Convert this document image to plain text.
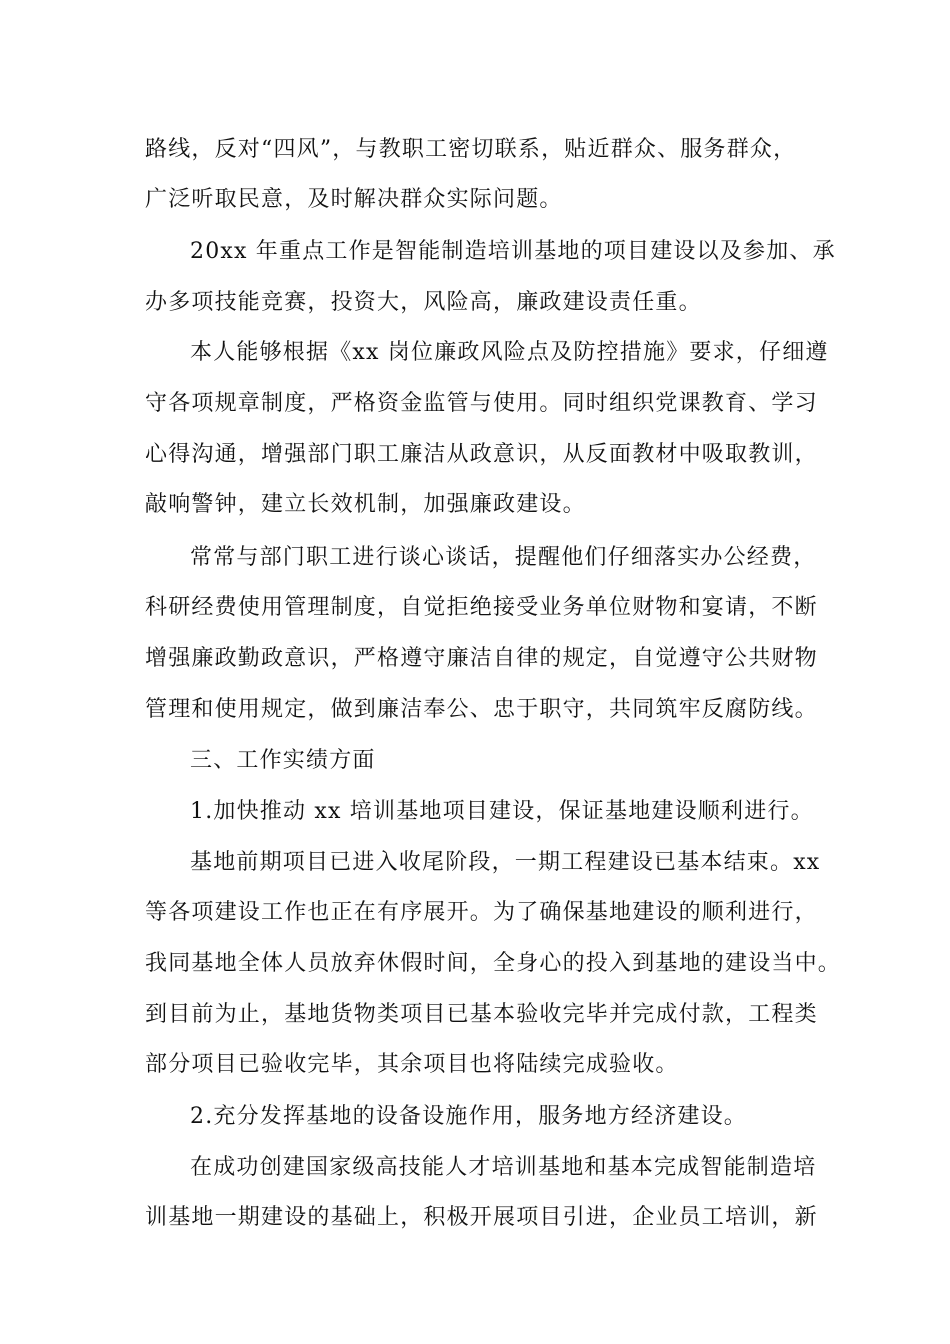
路线，反对“四风”，与教职工密切联系，贴近群众、服务群众，
广泛听取民意，及时解决群众实际问题。
20xx 年重点工作是智能制造培训基地的项目建设以及参加、承
办多项技能竞赛，投资大，风险高，廉政建设责任重。
本人能够根据《xx 岗位廉政风险点及防控措施》要求，仔细遵
守各项规章制度，严格资金监管与使用。同时组织党课教育、学习
心得沟通，增强部门职工廉洁从政意识，从反面教材中吸取教训，
敲响警钟，建立长效机制，加强廉政建设。
常常与部门职工进行谈心谈话，提醒他们仔细落实办公经费，
科研经费使用管理制度，自觉拒绝接受业务单位财物和宴请，不断
增强廉政勤政意识，严格遵守廉洁自律的规定，自觉遵守公共财物
管理和使用规定，做到廉洁奉公、忠于职守，共同筑牢反腐防线。
三、工作实绩方面
1.加快推动 xx 培训基地项目建设，保证基地建设顺利进行。
基地前期项目已进入收尾阶段，一期工程建设已基本结束。xx
等各项建设工作也正在有序展开。为了确保基地建设的顺利进行，
我同基地全体人员放弃休假时间，全身心的投入到基地的建设当中。
到目前为止，基地货物类项目已基本验收完毕并完成付款，工程类
部分项目已验收完毕，其余项目也将陆续完成验收。
2.充分发挥基地的设备设施作用，服务地方经济建设。
在成功创建国家级高技能人才培训基地和基本完成智能制造培
训基地一期建设的基础上，积极开展项目引进，企业员工培训，新
